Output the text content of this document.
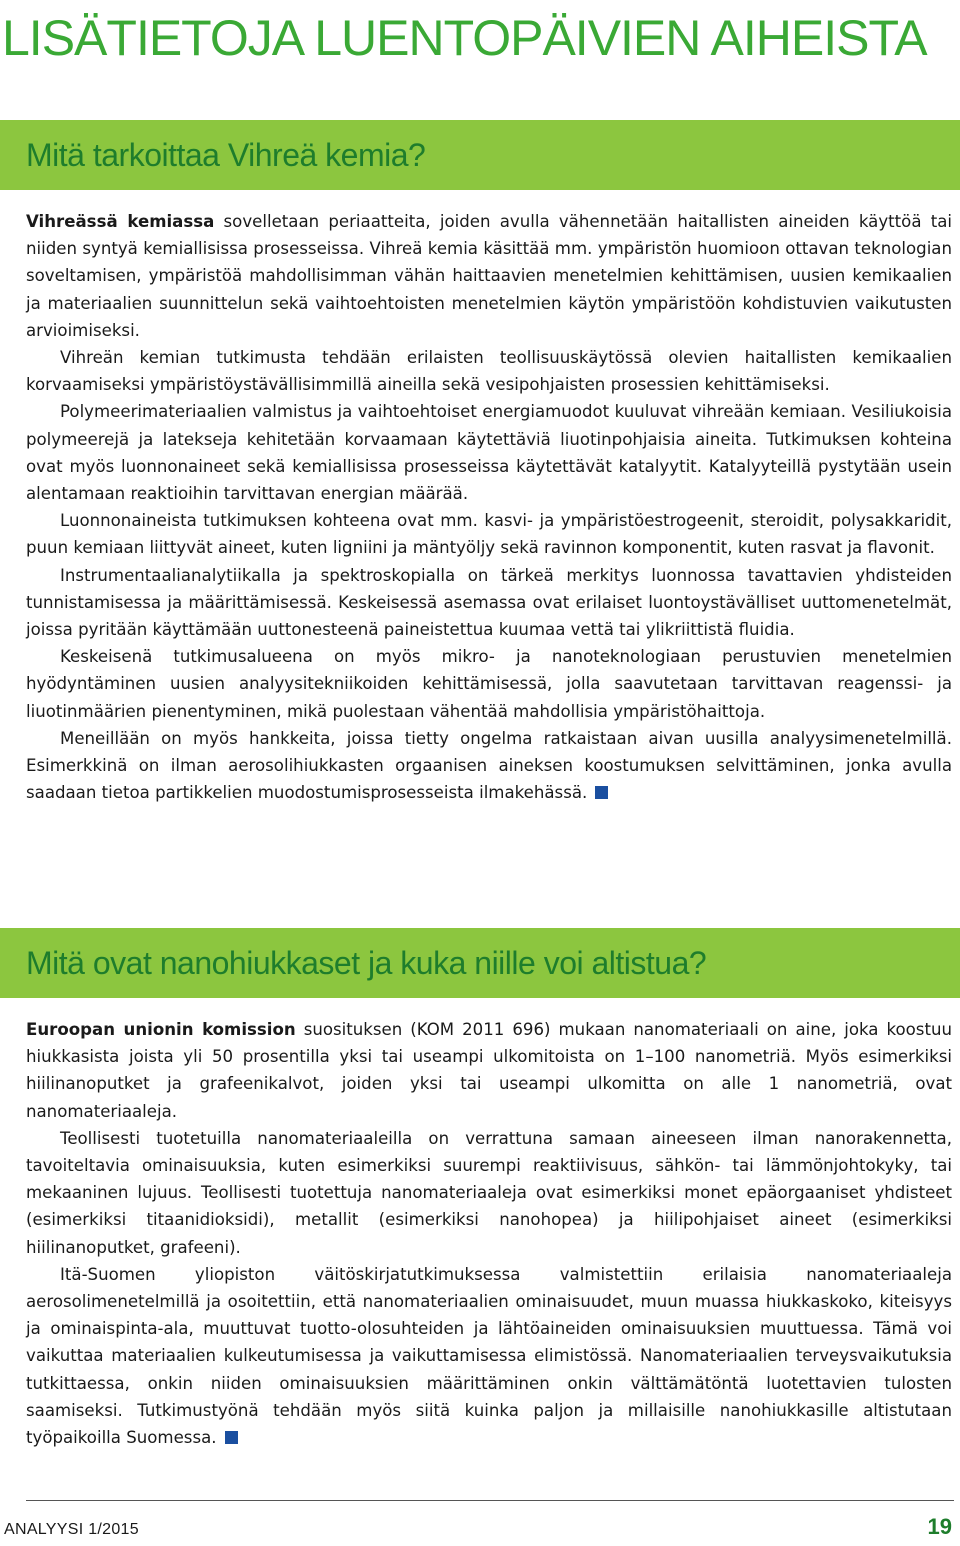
LISÄTIETOJA LUENTOPÄIVIEN AIHEISTA
Mitä tarkoittaa Vihreä kemia?

Vihreässä kemiassa sovelletaan periaatteita, joiden avulla vähennetään haitallisten aineiden käyttöä tai niiden syntyä kemiallisissa prosesseissa. Vihreä kemia käsittää mm. ympäristön huomioon ottavan teknologian soveltamisen, ympäristöä mahdollisimman vähän haittaavien menetelmien kehittämisen, uusien kemikaalien ja materiaalien suunnittelun sekä vaihtoehtoisten menetelmien käytön ympäristöön kohdistuvien vaikutusten arvioimiseksi.

Vihreän kemian tutkimusta tehdään erilaisten teollisuuskäytössä olevien haitallisten kemikaalien korvaamiseksi ympäristöystävällisimmillä aineilla sekä vesipohjaisten prosessien kehittämiseksi.

Polymeerimateriaalien valmistus ja vaihtoehtoiset energiamuodot kuuluvat vihreään kemiaan. Vesiliukoisia polymeerejä ja latekseja kehitetään korvaamaan käytettäviä liuotinpohjaisia aineita. Tutkimuksen kohteina ovat myös luonnonaineet sekä kemiallisissa prosesseissa käytettävät katalyytit. Katalyyteillä pystytään usein alentamaan reaktioihin tarvittavan energian määrää.

Luonnonaineista tutkimuksen kohteena ovat mm. kasvi- ja ympäristöestrogeenit, steroidit, polysakkaridit, puun kemiaan liittyvät aineet, kuten ligniini ja mäntyöljy sekä ravinnon komponentit, kuten rasvat ja flavonit.

Instrumentaalianalytiikalla ja spektroskopialla on tärkeä merkitys luonnossa tavattavien yhdisteiden tunnistamisessa ja määrittämisessä. Keskeisessä asemassa ovat erilaiset luontoystävälliset uuttomenetelmät, joissa pyritään käyttämään uuttonesteenä paineistettua kuumaa vettä tai ylikriittistä fluidia.

Keskeisenä tutkimusalueena on myös mikro- ja nanoteknologiaan perustuvien menetelmien hyödyntäminen uusien analyysitekniikoiden kehittämisessä, jolla saavutetaan tarvittavan reagenssi- ja liuotinmäärien pienentyminen, mikä puolestaan vähentää mahdollisia ympäristöhaittoja.

Meneillään on myös hankkeita, joissa tietty ongelma ratkaistaan aivan uusilla analyysimenetelmillä. Esimerkkinä on ilman aerosolihiukkasten orgaanisen aineksen koostumuksen selvittäminen, jonka avulla saadaan tietoa partikkelien muodostumisprosesseista ilmakehässä.

Mitä ovat nanohiukkaset ja kuka niille voi altistua?

Euroopan unionin komission suosituksen (KOM 2011 696) mukaan nanomateriaali on aine, joka koostuu hiukkasista joista yli 50 prosentilla yksi tai useampi ulkomitoista on 1–100 nanometriä. Myös esimerkiksi hiilinanoputket ja grafeenikalvot, joiden yksi tai useampi ulkomitta on alle 1 nanometriä, ovat nanomateriaaleja.

Teollisesti tuotetuilla nanomateriaaleilla on verrattuna samaan aineeseen ilman nanorakennetta, tavoiteltavia ominaisuuksia, kuten esimerkiksi suurempi reaktiivisuus, sähkön- tai lämmönjohtokyky, tai mekaaninen lujuus. Teollisesti tuotettuja nanomateriaaleja ovat esimerkiksi monet epäorgaaniset yhdisteet (esimerkiksi titaanidioksidi), metallit (esimerkiksi nanohopea) ja hiilipohjaiset aineet (esimerkiksi hiilinanoputket, grafeeni).

Itä-Suomen yliopiston väitöskirjatutkimuksessa valmistettiin erilaisia nanomateriaaleja aerosolimenetelmillä ja osoitettiin, että nanomateriaalien ominaisuudet, muun muassa hiukkaskoko, kiteisyys ja ominaispinta-ala, muuttuvat tuotto-olosuhteiden ja lähtöaineiden ominaisuuksien muuttuessa. Tämä voi vaikuttaa materiaalien kulkeutumisessa ja vaikuttamisessa elimistössä. Nanomateriaalien terveysvaikutuksia tutkittaessa, onkin niiden ominaisuuksien määrittäminen onkin välttämätöntä luotettavien tulosten saamiseksi. Tutkimustyönä tehdään myös siitä kuinka paljon ja millaisille nanohiukkasille altistutaan työpaikoilla Suomessa.

ANALYYSI 1/2015	19
